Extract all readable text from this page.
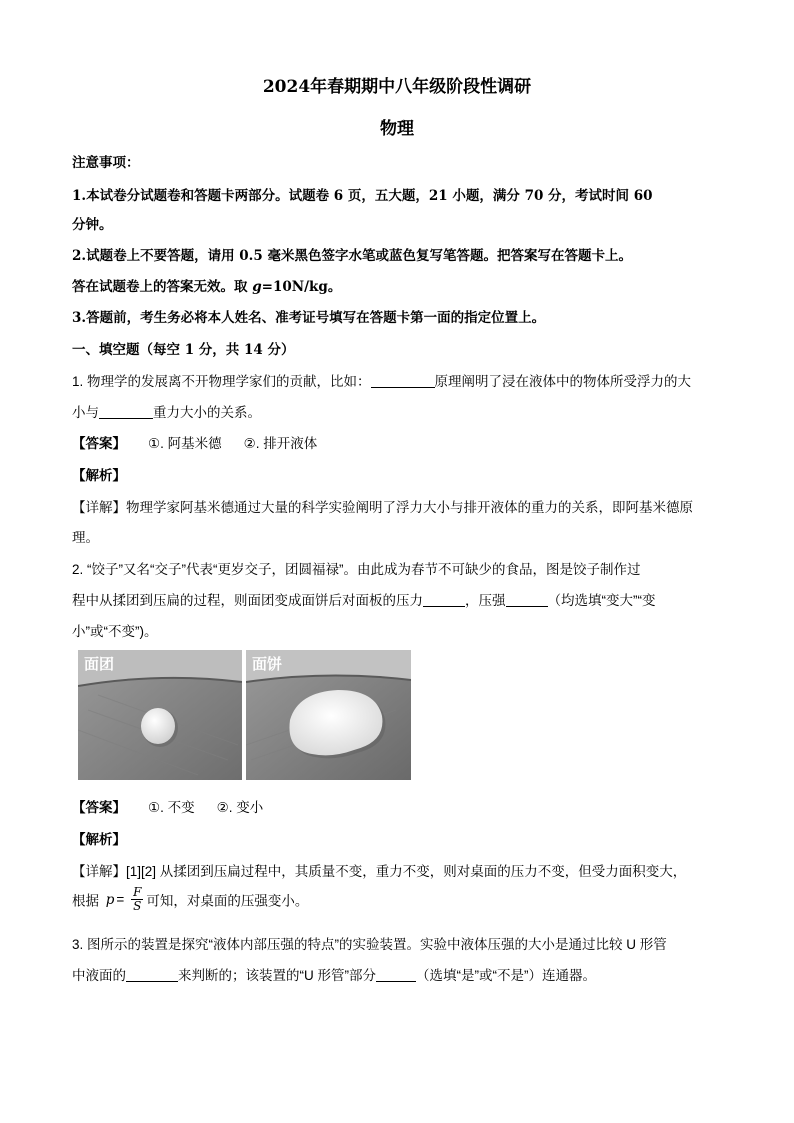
2024年春期期中八年级阶段性调研
物理
注意事项：
1.本试卷分试题卷和答题卡两部分。试题卷 6 页，五大题，21 小题，满分 70 分，考试时间 60
分钟。
2.试题卷上不要答题，请用 0.5 毫米黑色签字水笔或蓝色复写笔答题。把答案写在答题卡上。
答在试题卷上的答案无效。取 g=10N/kg。
3.答题前，考生务必将本人姓名、准考证号填写在答题卡第一面的指定位置上。
一、填空题（每空 1 分，共 14 分）
1. 物理学的发展离不开物理学家们的贡献，比如：	原理阐明了浸在液体中的物体所受浮力的大
小与	重力大小的关系。
【答案】 ①. 阿基米德 ②. 排开液体
【解析】
【详解】物理学家阿基米德通过大量的科学实验阐明了浮力大小与排开液体的重力的关系，即阿基米德原
理。
2. “饺子”又名“交子”代表“更岁交子，团圆福禄”。由此成为春节不可缺少的食品，图是饺子制作过
程中从揉团到压扁的过程，则面团变成面饼后对面板的压力	，压强	（均选填“变大”“变
小”或“不变”)。
面团	面饼
【答案】 ①. 不变 ②. 变小
【解析】
【详解】[1][2] 从揉团到压扁过程中，其质量不变，重力不变，则对桌面的压力不变，但受力面积变大，
根据 $p = \frac{F}{S}$ 可知，对桌面的压强变小。
3. 图所示的装置是探究“液体内部压强的特点”的实验装置。实验中液体压强的大小是通过比较 U 形管
中液面的	来判断的；该装置的“U 形管”部分	（选填“是”或“不是”）连通器。
